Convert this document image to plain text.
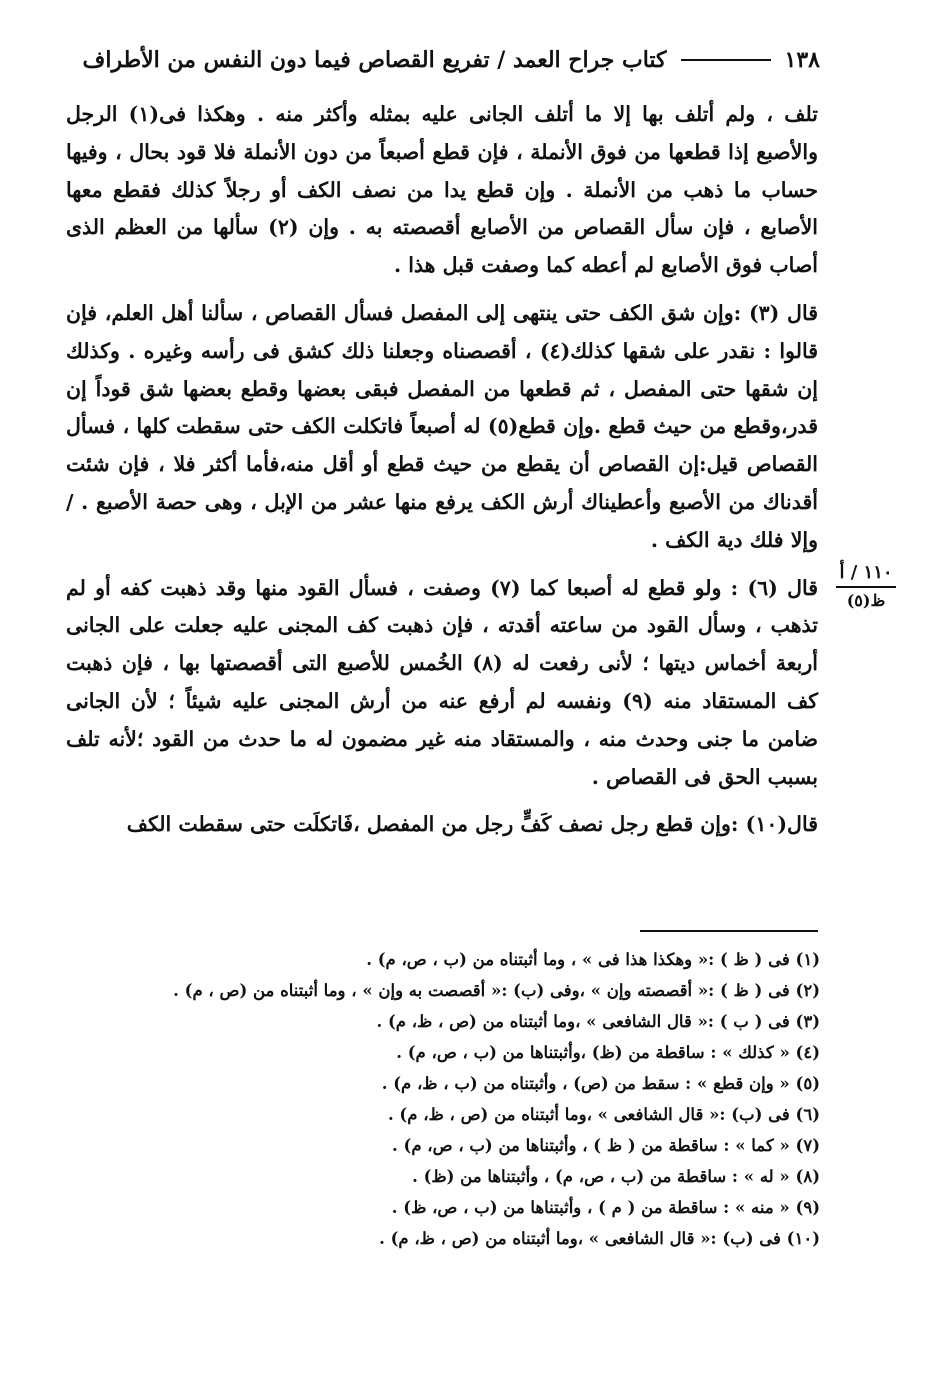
١٣٨
كتاب جراح العمد / تفريع القصاص فيما دون النفس من الأطراف

تلف ، ولم أتلف بها إلا ما أتلف الجانى عليه بمثله وأكثر منه . وهكذا فى(١) الرجل والأصبع إذا قطعها من فوق الأنملة ، فإن قطع أصبعاً من دون الأنملة فلا قود بحال ، وفيها حساب ما ذهب من الأنملة . وإن قطع يدا من نصف الكف أو رجلاً كذلك فقطع معها الأصابع ، فإن سأل القصاص من الأصابع أقصصته به . وإن (٢) سألها من العظم الذى أصاب فوق الأصابع لم أعطه كما وصفت قبل هذا .

قال (٣) :وإن شق الكف حتى ينتهى إلى المفصل فسأل القصاص ، سألنا أهل العلم، فإن قالوا : نقدر على شقها كذلك(٤) ، أقصصناه وجعلنا ذلك كشق فى رأسه وغيره . وكذلك إن شقها حتى المفصل ، ثم قطعها من المفصل فبقى بعضها وقطع بعضها شق قوداً إن قدر،وقطع من حيث قطع .وإن قطع(٥) له أصبعاً فاتكلت الكف حتى سقطت كلها ، فسأل القصاص قيل:إن القصاص أن يقطع من حيث قطع أو أقل منه،فأما أكثر فلا ، فإن شئت أقدناك من الأصبع وأعطيناك أرش الكف يرفع منها عشر من الإبل ، وهى حصة الأصبع . / وإلا فلك دية الكف .

قال (٦) : ولو قطع له أصبعا كما (٧) وصفت ، فسأل القود منها وقد ذهبت كفه أو لم تذهب ، وسأل القود من ساعته أقدته ، فإن ذهبت كف المجنى عليه جعلت على الجانى أربعة أخماس ديتها ؛ لأنى رفعت له (٨) الخُمس للأصبع التى أقصصتها بها ، فإن ذهبت كف المستقاد منه (٩) ونفسه لم أرفع عنه من أرش المجنى عليه شيئاً ؛ لأن الجانى ضامن ما جنى وحدث منه ، والمستقاد منه غير مضمون له ما حدث من القود ؛لأنه تلف بسبب الحق فى القصاص .

قال(١٠) :وإن قطع رجل نصف كَفٍّ رجل من المفصل ،فَاتكلَت حتى سقطت الكف

١١٠ / أ
ظ(٥)
(١) فى ( ظ ) :« وهكذا هذا فى » ، وما أثبتناه من (ب ، ص، م) .
(٢) فى ( ظ ) :« أقصصته وإن » ،وفى (ب) :« أقصصت به وإن » ، وما أثبتناه من (ص ، م) .
(٣) فى ( ب ) :« قال الشافعى » ،وما أثبتناه من (ص ، ظ، م) .
(٤) « كذلك » : ساقطة من (ظ) ،وأثبتناها من (ب ، ص، م) .
(٥) « وإن قطع » : سقط من (ص) ، وأثبتناه من (ب ، ظ، م) .
(٦) فى (ب) :« قال الشافعى » ،وما أثبتناه من (ص ، ظ، م) .
(٧) « كما » : ساقطة من ( ظ ) ، وأثبتناها من (ب ، ص، م) .
(٨) « له » : ساقطة من (ب ، ص، م) ، وأثبتناها من (ظ) .
(٩) « منه » : ساقطة من ( م ) ، وأثبتناها من (ب ، ص، ظ) .
(١٠) فى (ب) :« قال الشافعى » ،وما أثبتناه من (ص ، ظ، م) .
